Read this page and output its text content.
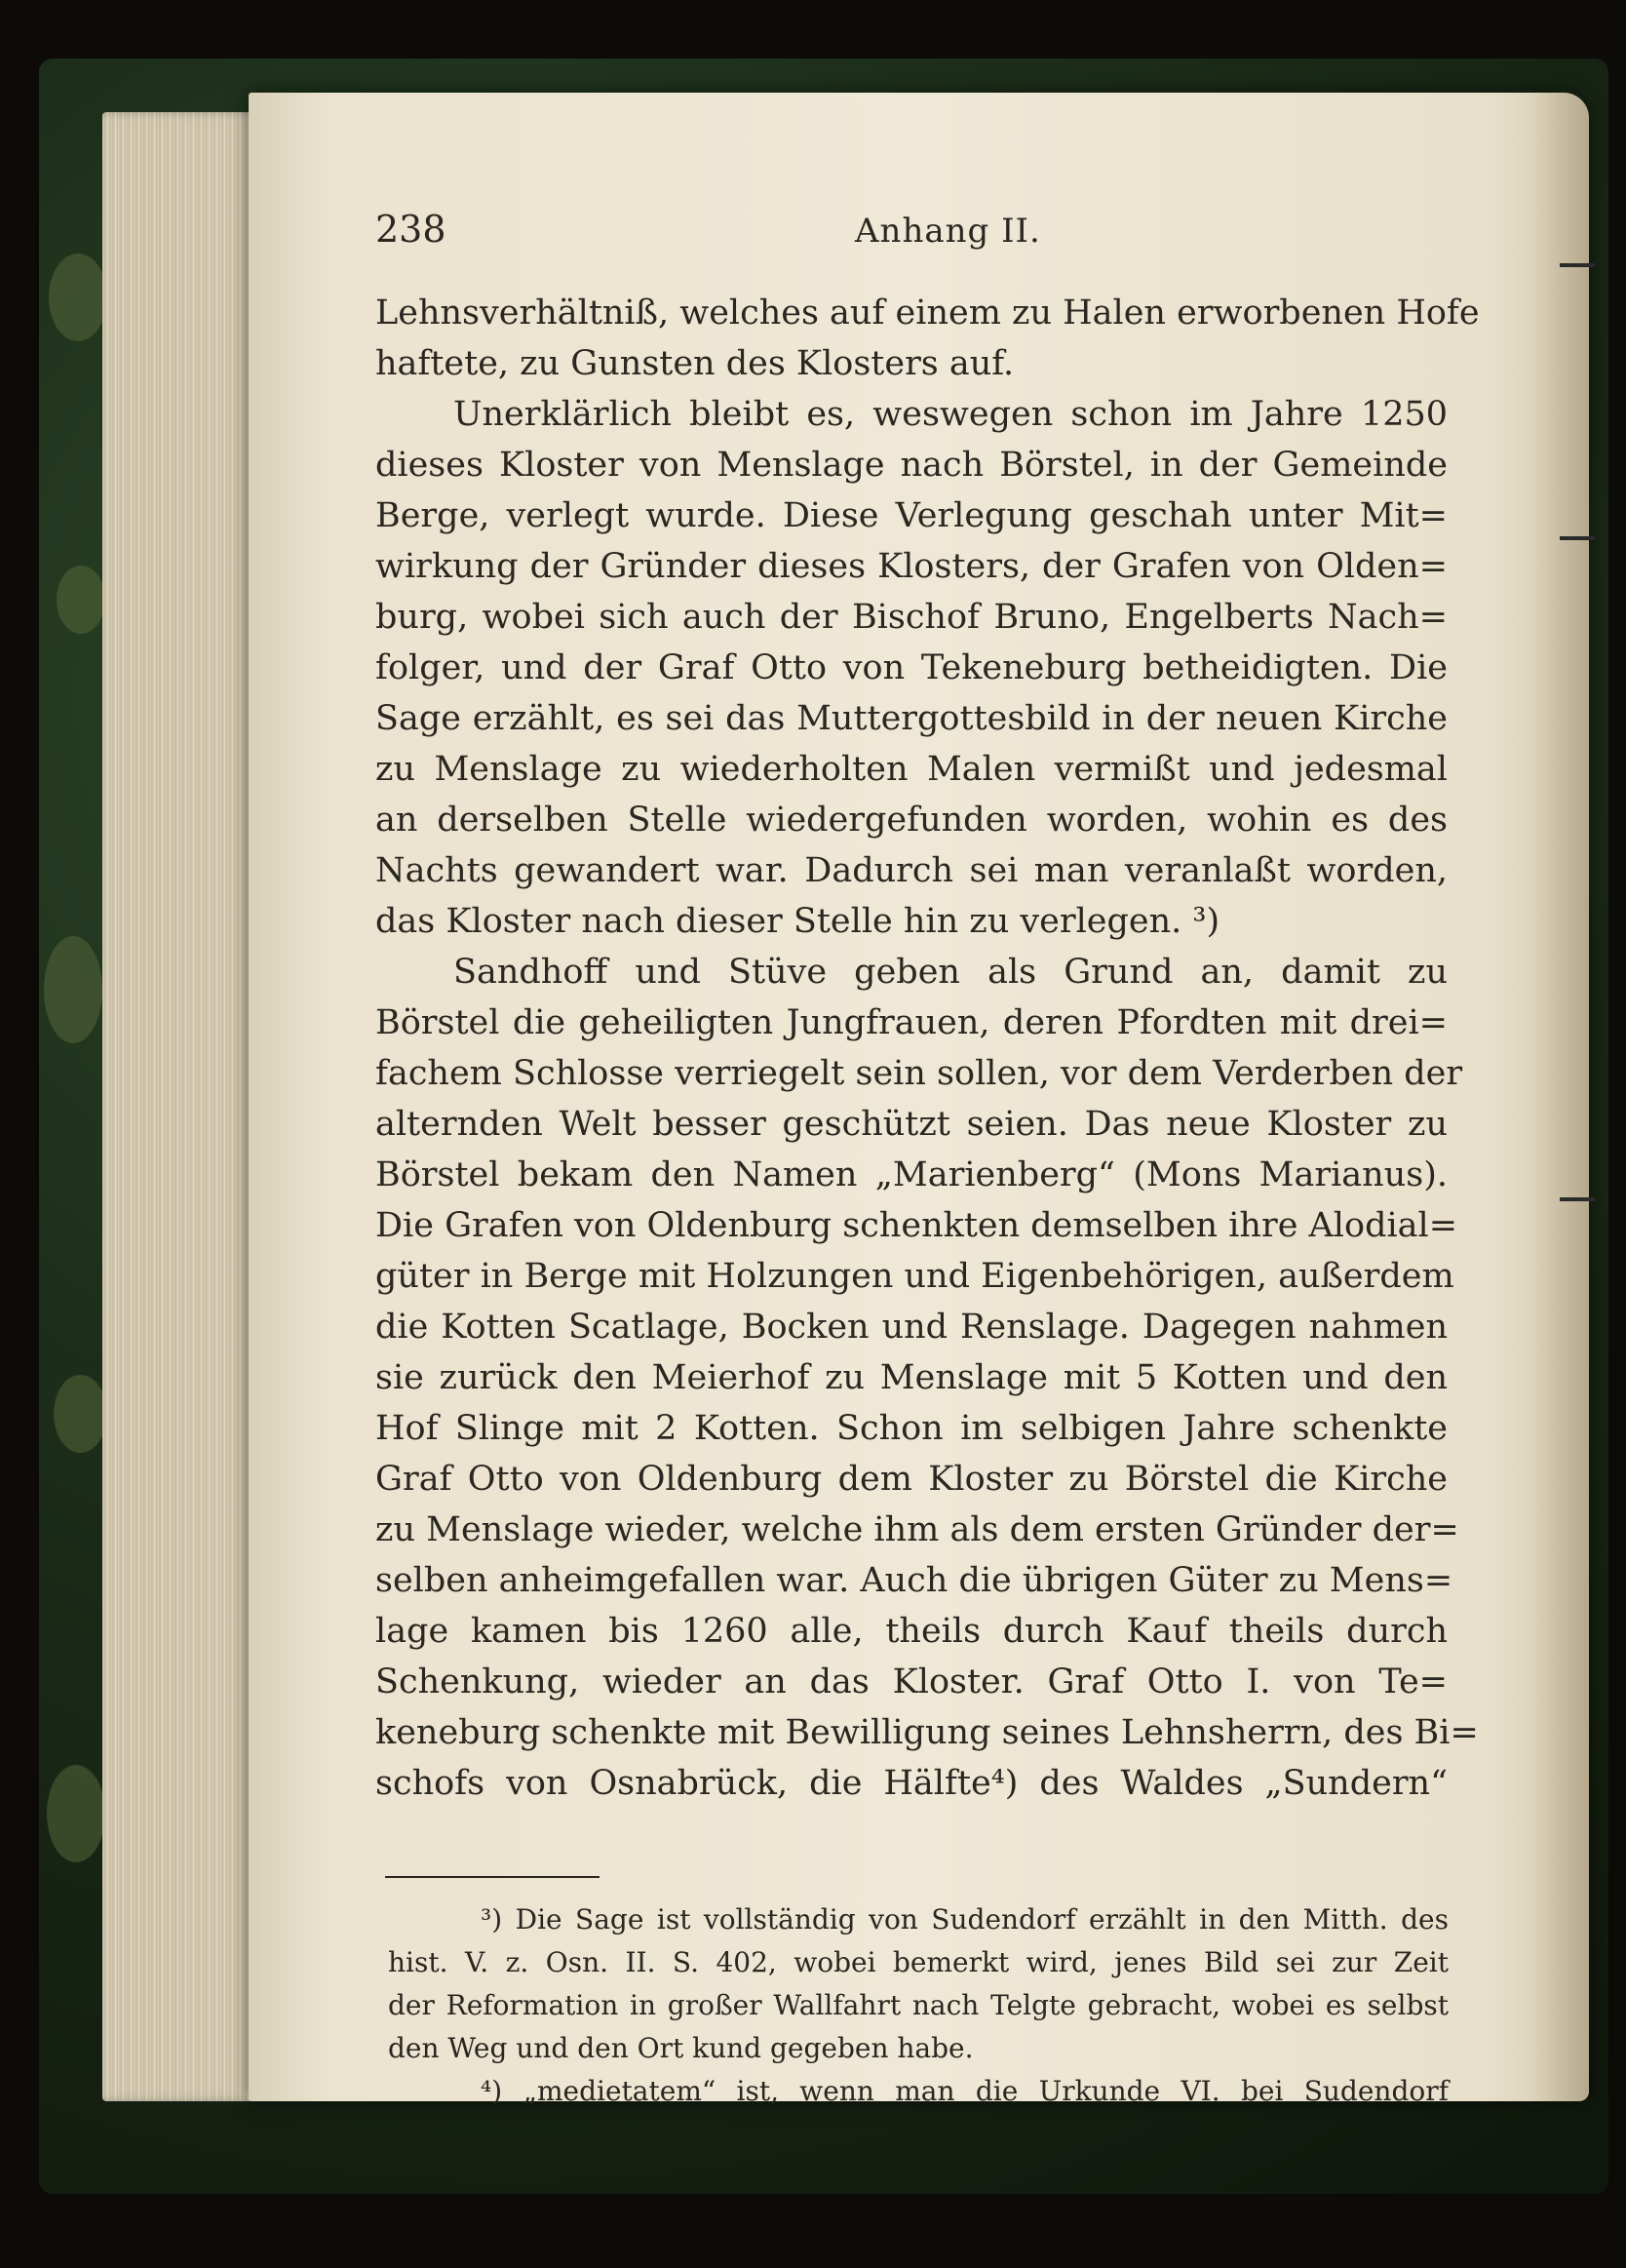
238	Anhang II.
Lehnsverhältniß, welches auf einem zu Halen erworbenen Hofe
haftete, zu Gunsten des Klosters auf.
Unerklärlich bleibt es, weswegen schon im Jahre 1250
dieses Kloster von Menslage nach Börstel, in der Gemeinde
Berge, verlegt wurde. Diese Verlegung geschah unter Mit=
wirkung der Gründer dieses Klosters, der Grafen von Olden=
burg, wobei sich auch der Bischof Bruno, Engelberts Nach=
folger, und der Graf Otto von Tekeneburg betheidigten. Die
Sage erzählt, es sei das Muttergottesbild in der neuen Kirche
zu Menslage zu wiederholten Malen vermißt und jedesmal
an derselben Stelle wiedergefunden worden, wohin es des
Nachts gewandert war. Dadurch sei man veranlaßt worden,
das Kloster nach dieser Stelle hin zu verlegen. ³)
Sandhoff und Stüve geben als Grund an, damit zu
Börstel die geheiligten Jungfrauen, deren Pfordten mit drei=
fachem Schlosse verriegelt sein sollen, vor dem Verderben der
alternden Welt besser geschützt seien. Das neue Kloster zu
Börstel bekam den Namen „Marienberg“ (Mons Marianus).
Die Grafen von Oldenburg schenkten demselben ihre Alodial=
güter in Berge mit Holzungen und Eigenbehörigen, außerdem
die Kotten Scatlage, Bocken und Renslage. Dagegen nahmen
sie zurück den Meierhof zu Menslage mit 5 Kotten und den
Hof Slinge mit 2 Kotten. Schon im selbigen Jahre schenkte
Graf Otto von Oldenburg dem Kloster zu Börstel die Kirche
zu Menslage wieder, welche ihm als dem ersten Gründer der=
selben anheimgefallen war. Auch die übrigen Güter zu Mens=
lage kamen bis 1260 alle, theils durch Kauf theils durch
Schenkung, wieder an das Kloster. Graf Otto I. von Te=
keneburg schenkte mit Bewilligung seines Lehnsherrn, des Bi=
schofs von Osnabrück, die Hälfte⁴) des Waldes „Sundern“
³) Die Sage ist vollständig von Sudendorf erzählt in den Mitth. des
hist. V. z. Osn. II. S. 402, wobei bemerkt wird, jenes Bild sei zur Zeit
der Reformation in großer Wallfahrt nach Telgte gebracht, wobei es selbst
den Weg und den Ort kund gegeben habe.
⁴) „medietatem“ ist, wenn man die Urkunde VI. bei Sudendorf
